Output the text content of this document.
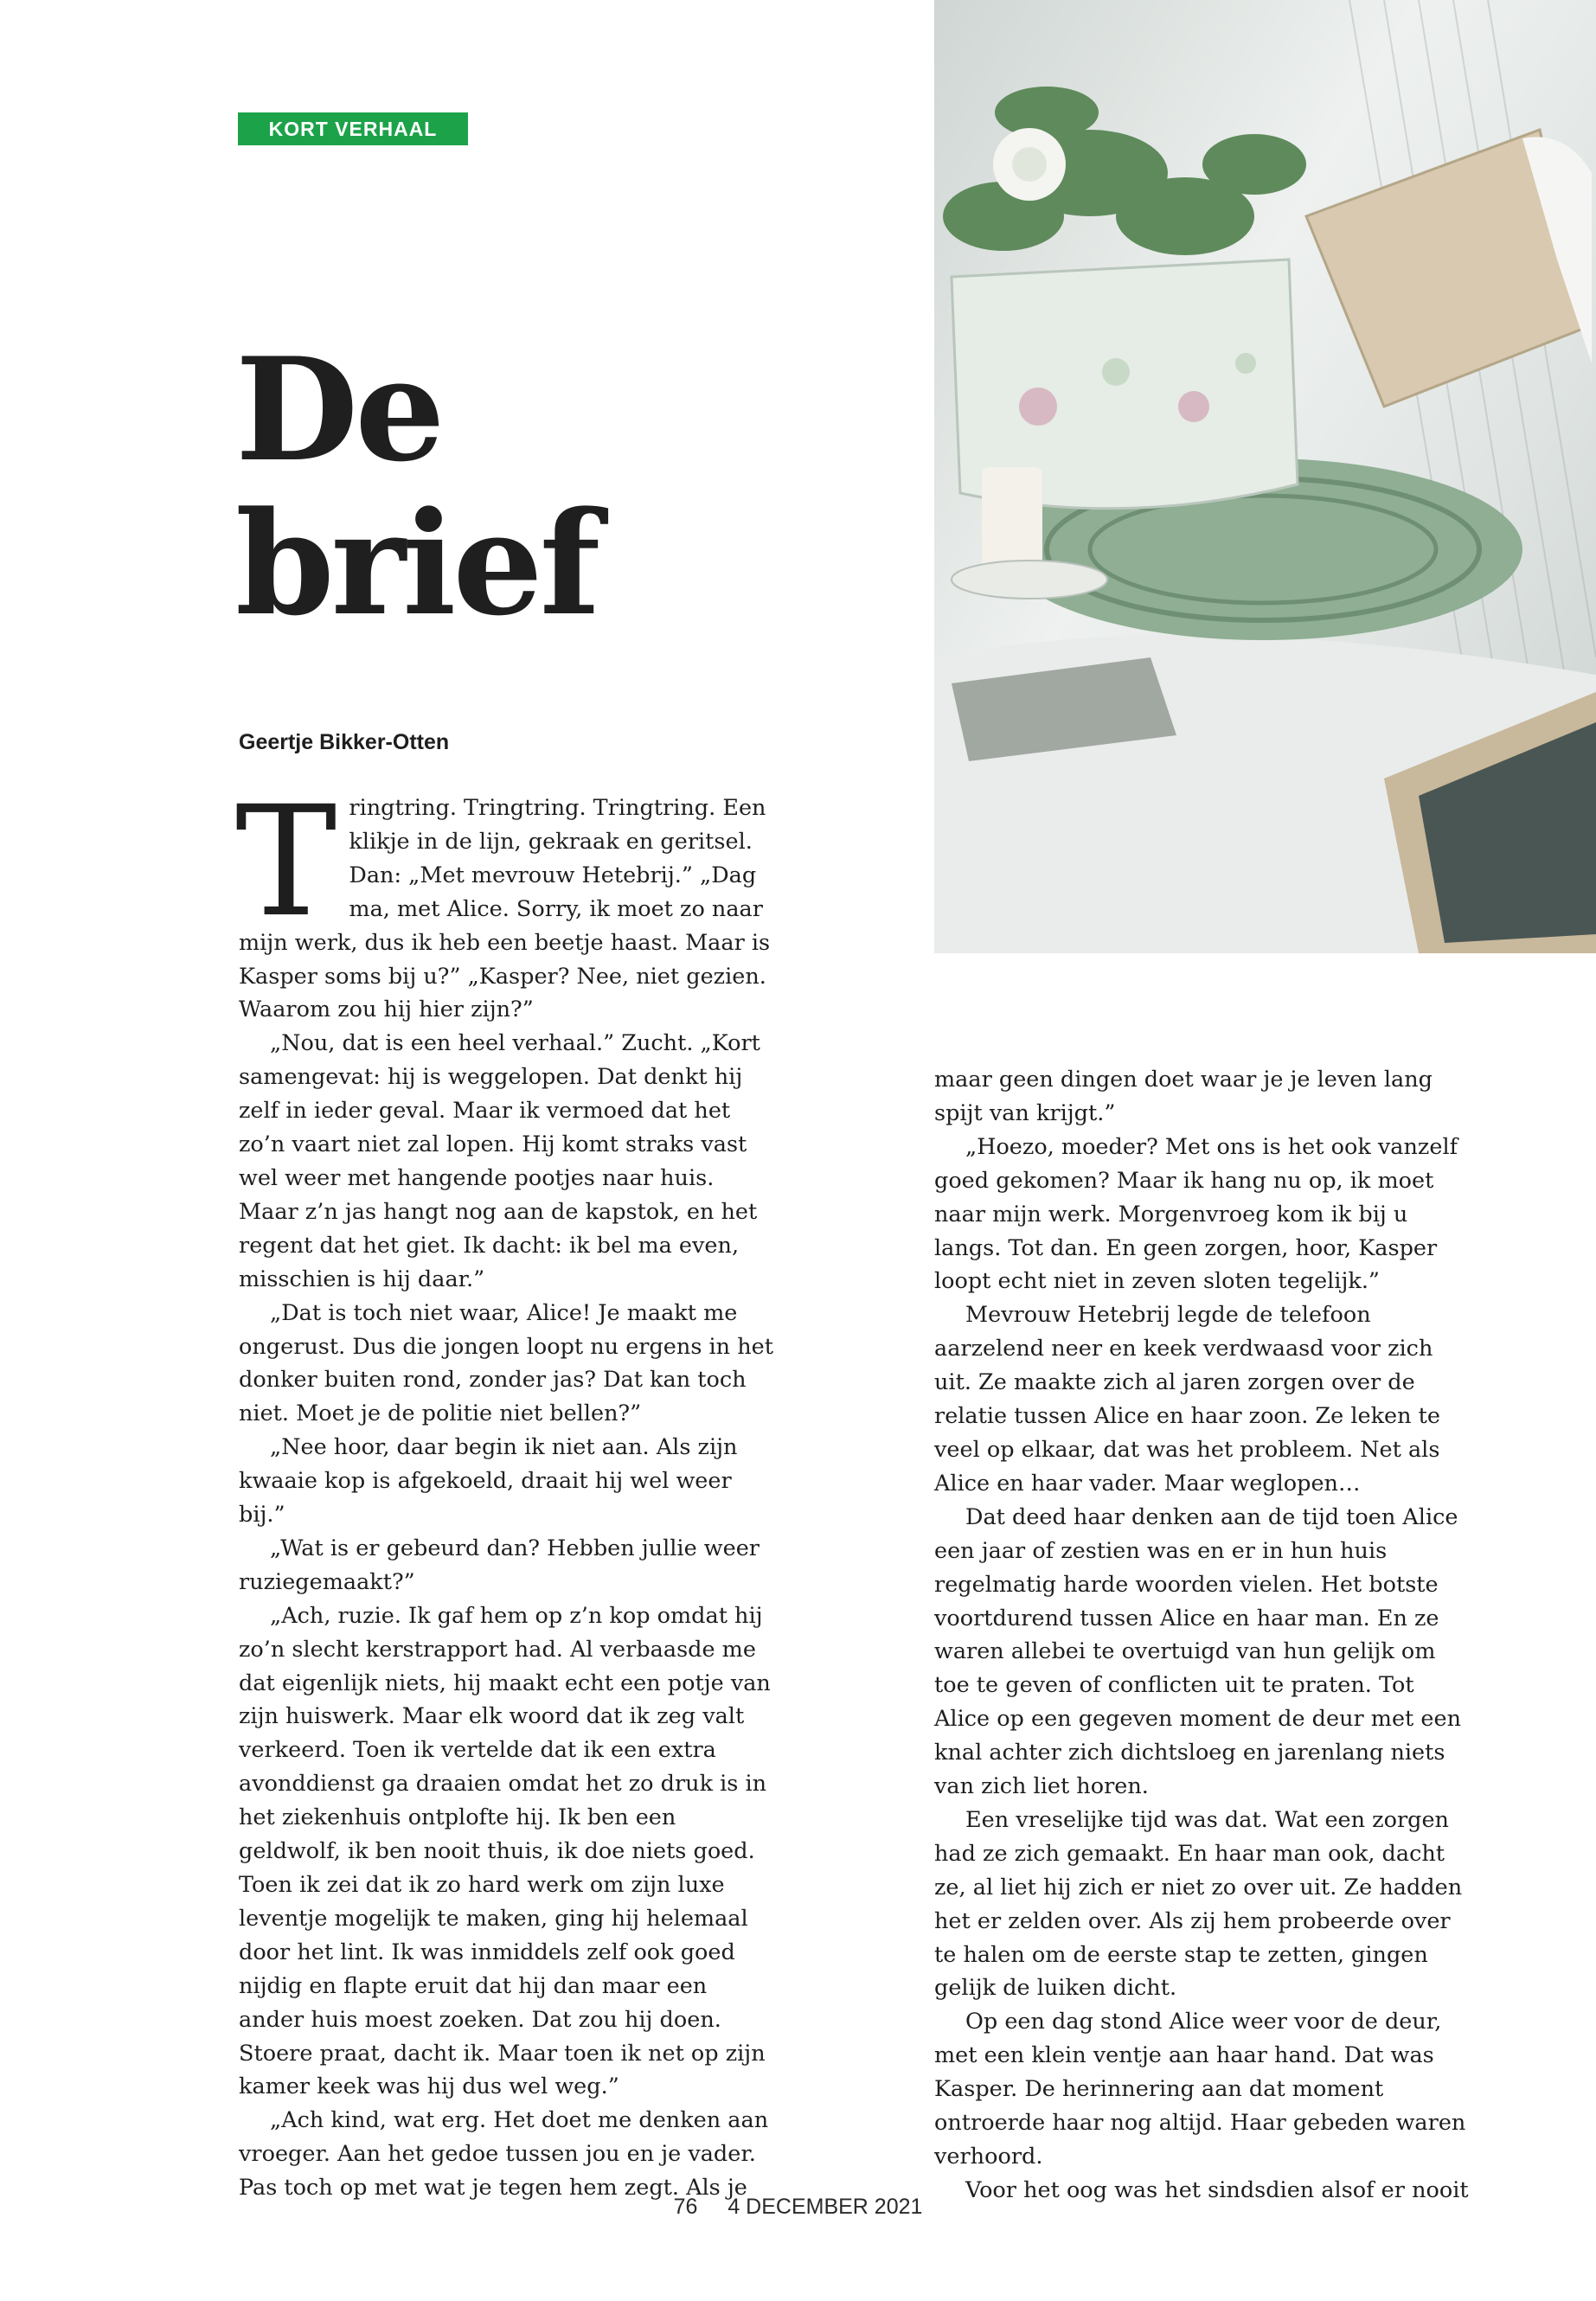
KORT VERHAAL
De
brief
Geertje Bikker-Otten

Tringtring. Tringtring. Tringtring. Een klikje in de lijn, gekraak en geritsel. Dan: „Met mevrouw Hetebrij.” „Dag ma, met Alice. Sorry, ik moet zo naar mijn werk, dus ik heb een beetje haast. Maar is Kasper soms bij u?” „Kasper? Nee, niet gezien. Waarom zou hij hier zijn?”

„Nou, dat is een heel verhaal.” Zucht. „Kort samengevat: hij is weggelopen. Dat denkt hij zelf in ieder geval. Maar ik vermoed dat het zo’n vaart niet zal lopen. Hij komt straks vast wel weer met hangende pootjes naar huis. Maar z’n jas hangt nog aan de kapstok, en het regent dat het giet. Ik dacht: ik bel ma even, misschien is hij daar.”

„Dat is toch niet waar, Alice! Je maakt me ongerust. Dus die jongen loopt nu ergens in het donker buiten rond, zonder jas? Dat kan toch niet. Moet je de politie niet bellen?”

„Nee hoor, daar begin ik niet aan. Als zijn kwaaie kop is afgekoeld, draait hij wel weer bij.”

„Wat is er gebeurd dan? Hebben jullie weer ruziegemaakt?”

„Ach, ruzie. Ik gaf hem op z’n kop omdat hij zo’n slecht kerstrapport had. Al verbaasde me dat eigenlijk niets, hij maakt echt een potje van zijn huiswerk. Maar elk woord dat ik zeg valt verkeerd. Toen ik vertelde dat ik een extra avonddienst ga draaien omdat het zo druk is in het ziekenhuis ontplofte hij. Ik ben een geldwolf, ik ben nooit thuis, ik doe niets goed. Toen ik zei dat ik zo hard werk om zijn luxe leventje mogelijk te maken, ging hij helemaal door het lint. Ik was inmiddels zelf ook goed nijdig en flapte eruit dat hij dan maar een ander huis moest zoeken. Dat zou hij doen. Stoere praat, dacht ik. Maar toen ik net op zijn kamer keek was hij dus wel weg.”

„Ach kind, wat erg. Het doet me denken aan vroeger. Aan het gedoe tussen jou en je vader. Pas toch op met wat je tegen hem zegt. Als je

maar geen dingen doet waar je je leven lang spijt van krijgt.”

„Hoezo, moeder? Met ons is het ook vanzelf goed gekomen? Maar ik hang nu op, ik moet naar mijn werk. Morgenvroeg kom ik bij u langs. Tot dan. En geen zorgen, hoor, Kasper loopt echt niet in zeven sloten tegelijk.”

Mevrouw Hetebrij legde de telefoon aarzelend neer en keek verdwaasd voor zich uit. Ze maakte zich al jaren zorgen over de relatie tussen Alice en haar zoon. Ze leken te veel op elkaar, dat was het probleem. Net als Alice en haar vader. Maar weglopen…

Dat deed haar denken aan de tijd toen Alice een jaar of zestien was en er in hun huis regelmatig harde woorden vielen. Het botste voortdurend tussen Alice en haar man. En ze waren allebei te overtuigd van hun gelijk om toe te geven of conflicten uit te praten. Tot Alice op een gegeven moment de deur met een knal achter zich dichtsloeg en jarenlang niets van zich liet horen.

Een vreselijke tijd was dat. Wat een zorgen had ze zich gemaakt. En haar man ook, dacht ze, al liet hij zich er niet zo over uit. Ze hadden het er zelden over. Als zij hem probeerde over te halen om de eerste stap te zetten, gingen gelijk de luiken dicht.

Op een dag stond Alice weer voor de deur, met een klein ventje aan haar hand. Dat was Kasper. De herinnering aan dat moment ontroerde haar nog altijd. Haar gebeden waren verhoord.

Voor het oog was het sindsdien alsof er nooit

76 4 DECEMBER 2021
